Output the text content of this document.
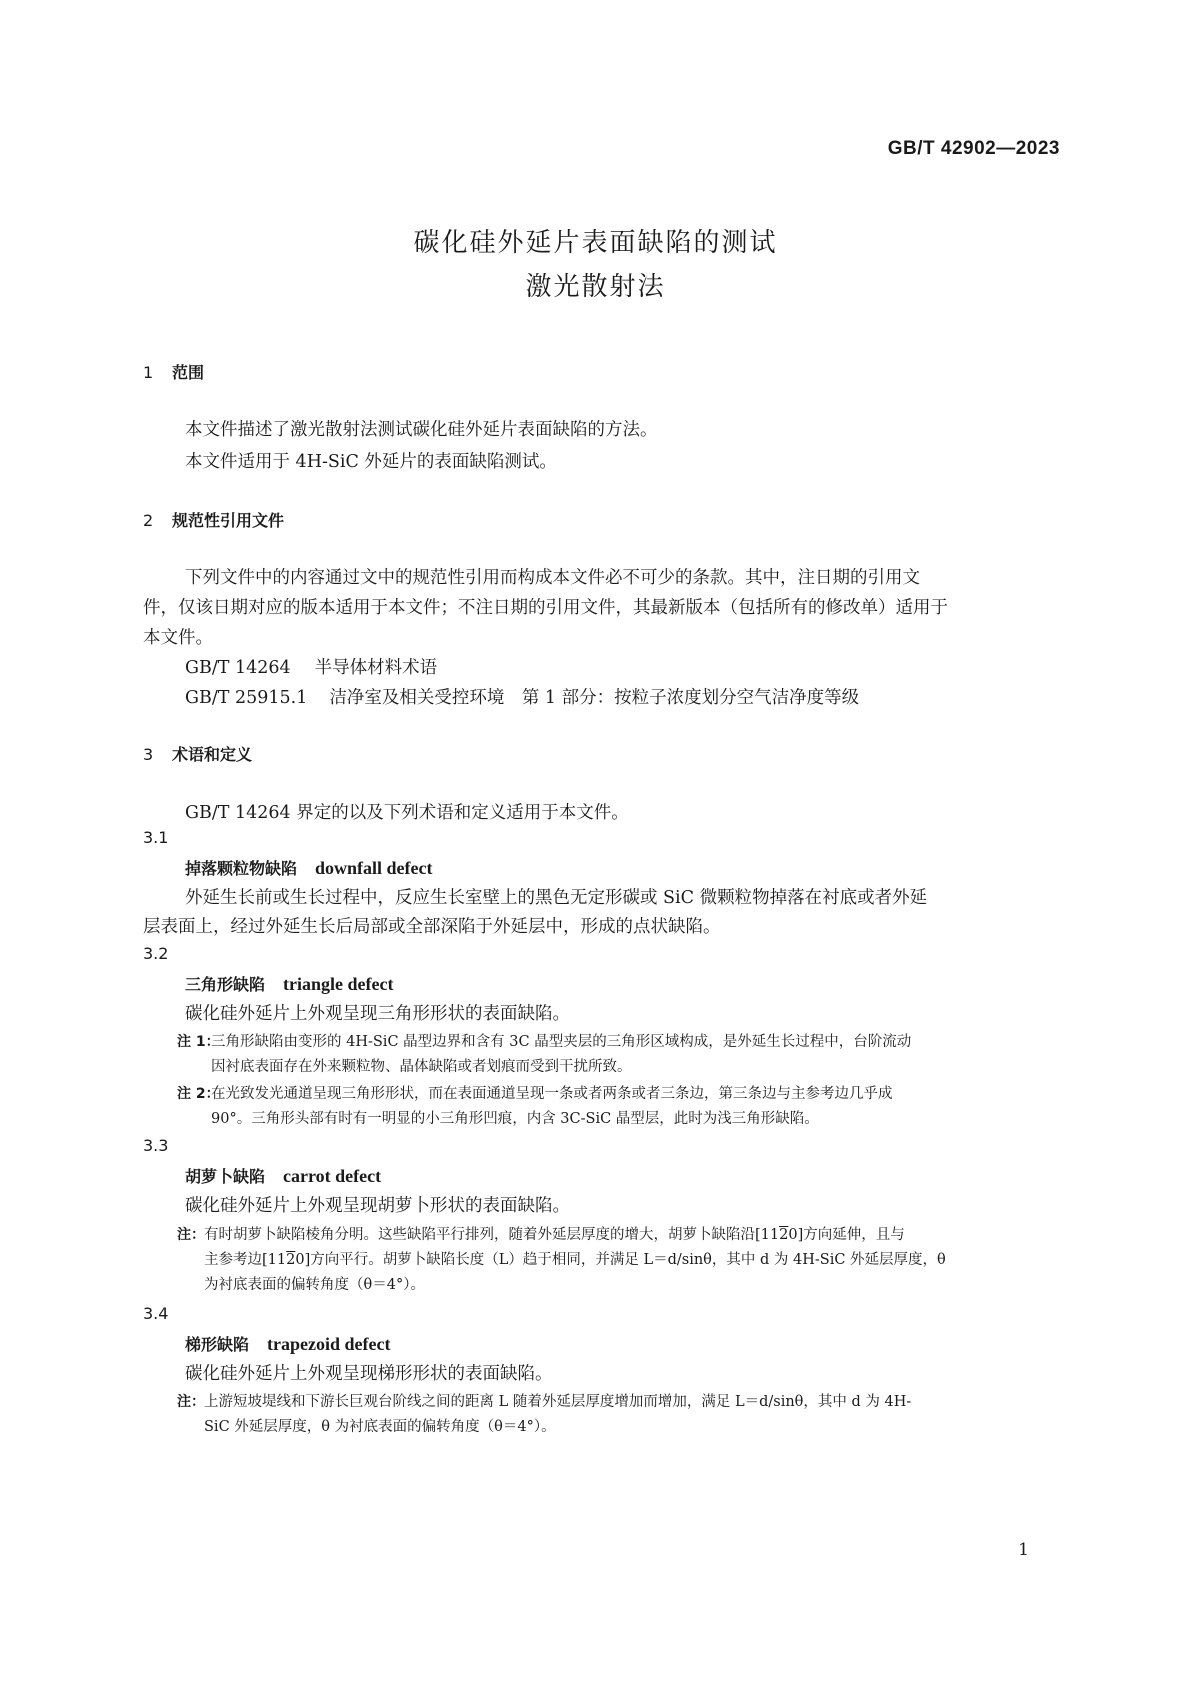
GB/T 42902—2023
碳化硅外延片表面缺陷的测试
激光散射法
1 范围
本文件描述了激光散射法测试碳化硅外延片表面缺陷的方法。
本文件适用于 4H-SiC 外延片的表面缺陷测试。
2 规范性引用文件
下列文件中的内容通过文中的规范性引用而构成本文件必不可少的条款。其中，注日期的引用文
件，仅该日期对应的版本适用于本文件；不注日期的引用文件，其最新版本（包括所有的修改单）适用于
本文件。
GB/T 14264 半导体材料术语
GB/T 25915.1 洁净室及相关受控环境　第 1 部分：按粒子浓度划分空气洁净度等级
3 术语和定义
GB/T 14264 界定的以及下列术语和定义适用于本文件。
3.1
掉落颗粒物缺陷 downfall defect
外延生长前或生长过程中，反应生长室壁上的黑色无定形碳或 SiC 微颗粒物掉落在衬底或者外延
层表面上，经过外延生长后局部或全部深陷于外延层中，形成的点状缺陷。
3.2
三角形缺陷 triangle defect
碳化硅外延片上外观呈现三角形形状的表面缺陷。
注 1：
三角形缺陷由变形的 4H-SiC 晶型边界和含有 3C 晶型夹层的三角形区域构成，是外延生长过程中，台阶流动
因衬底表面存在外来颗粒物、晶体缺陷或者划痕而受到干扰所致。
注 2：
在光致发光通道呈现三角形形状，而在表面通道呈现一条或者两条或者三条边，第三条边与主参考边几乎成
90°。三角形头部有时有一明显的小三角形凹痕，内含 3C-SiC 晶型层，此时为浅三角形缺陷。
3.3
胡萝卜缺陷 carrot defect
碳化硅外延片上外观呈现胡萝卜形状的表面缺陷。
注： 有时胡萝卜缺陷棱角分明。这些缺陷平行排列，随着外延层厚度的增大，胡萝卜缺陷沿[1120]方向延伸，且与
主参考边[1120]方向平行。胡萝卜缺陷长度（L）趋于相同，并满足 L＝d/sinθ，其中 d 为 4H-SiC 外延层厚度，θ
为衬底表面的偏转角度（θ＝4°）。
3.4
梯形缺陷 trapezoid defect
碳化硅外延片上外观呈现梯形形状的表面缺陷。
注： 上游短坡堤线和下游长巨观台阶线之间的距离 L 随着外延层厚度增加而增加，满足 L＝d/sinθ，其中 d 为 4H-
SiC 外延层厚度，θ 为衬底表面的偏转角度（θ＝4°）。
1
